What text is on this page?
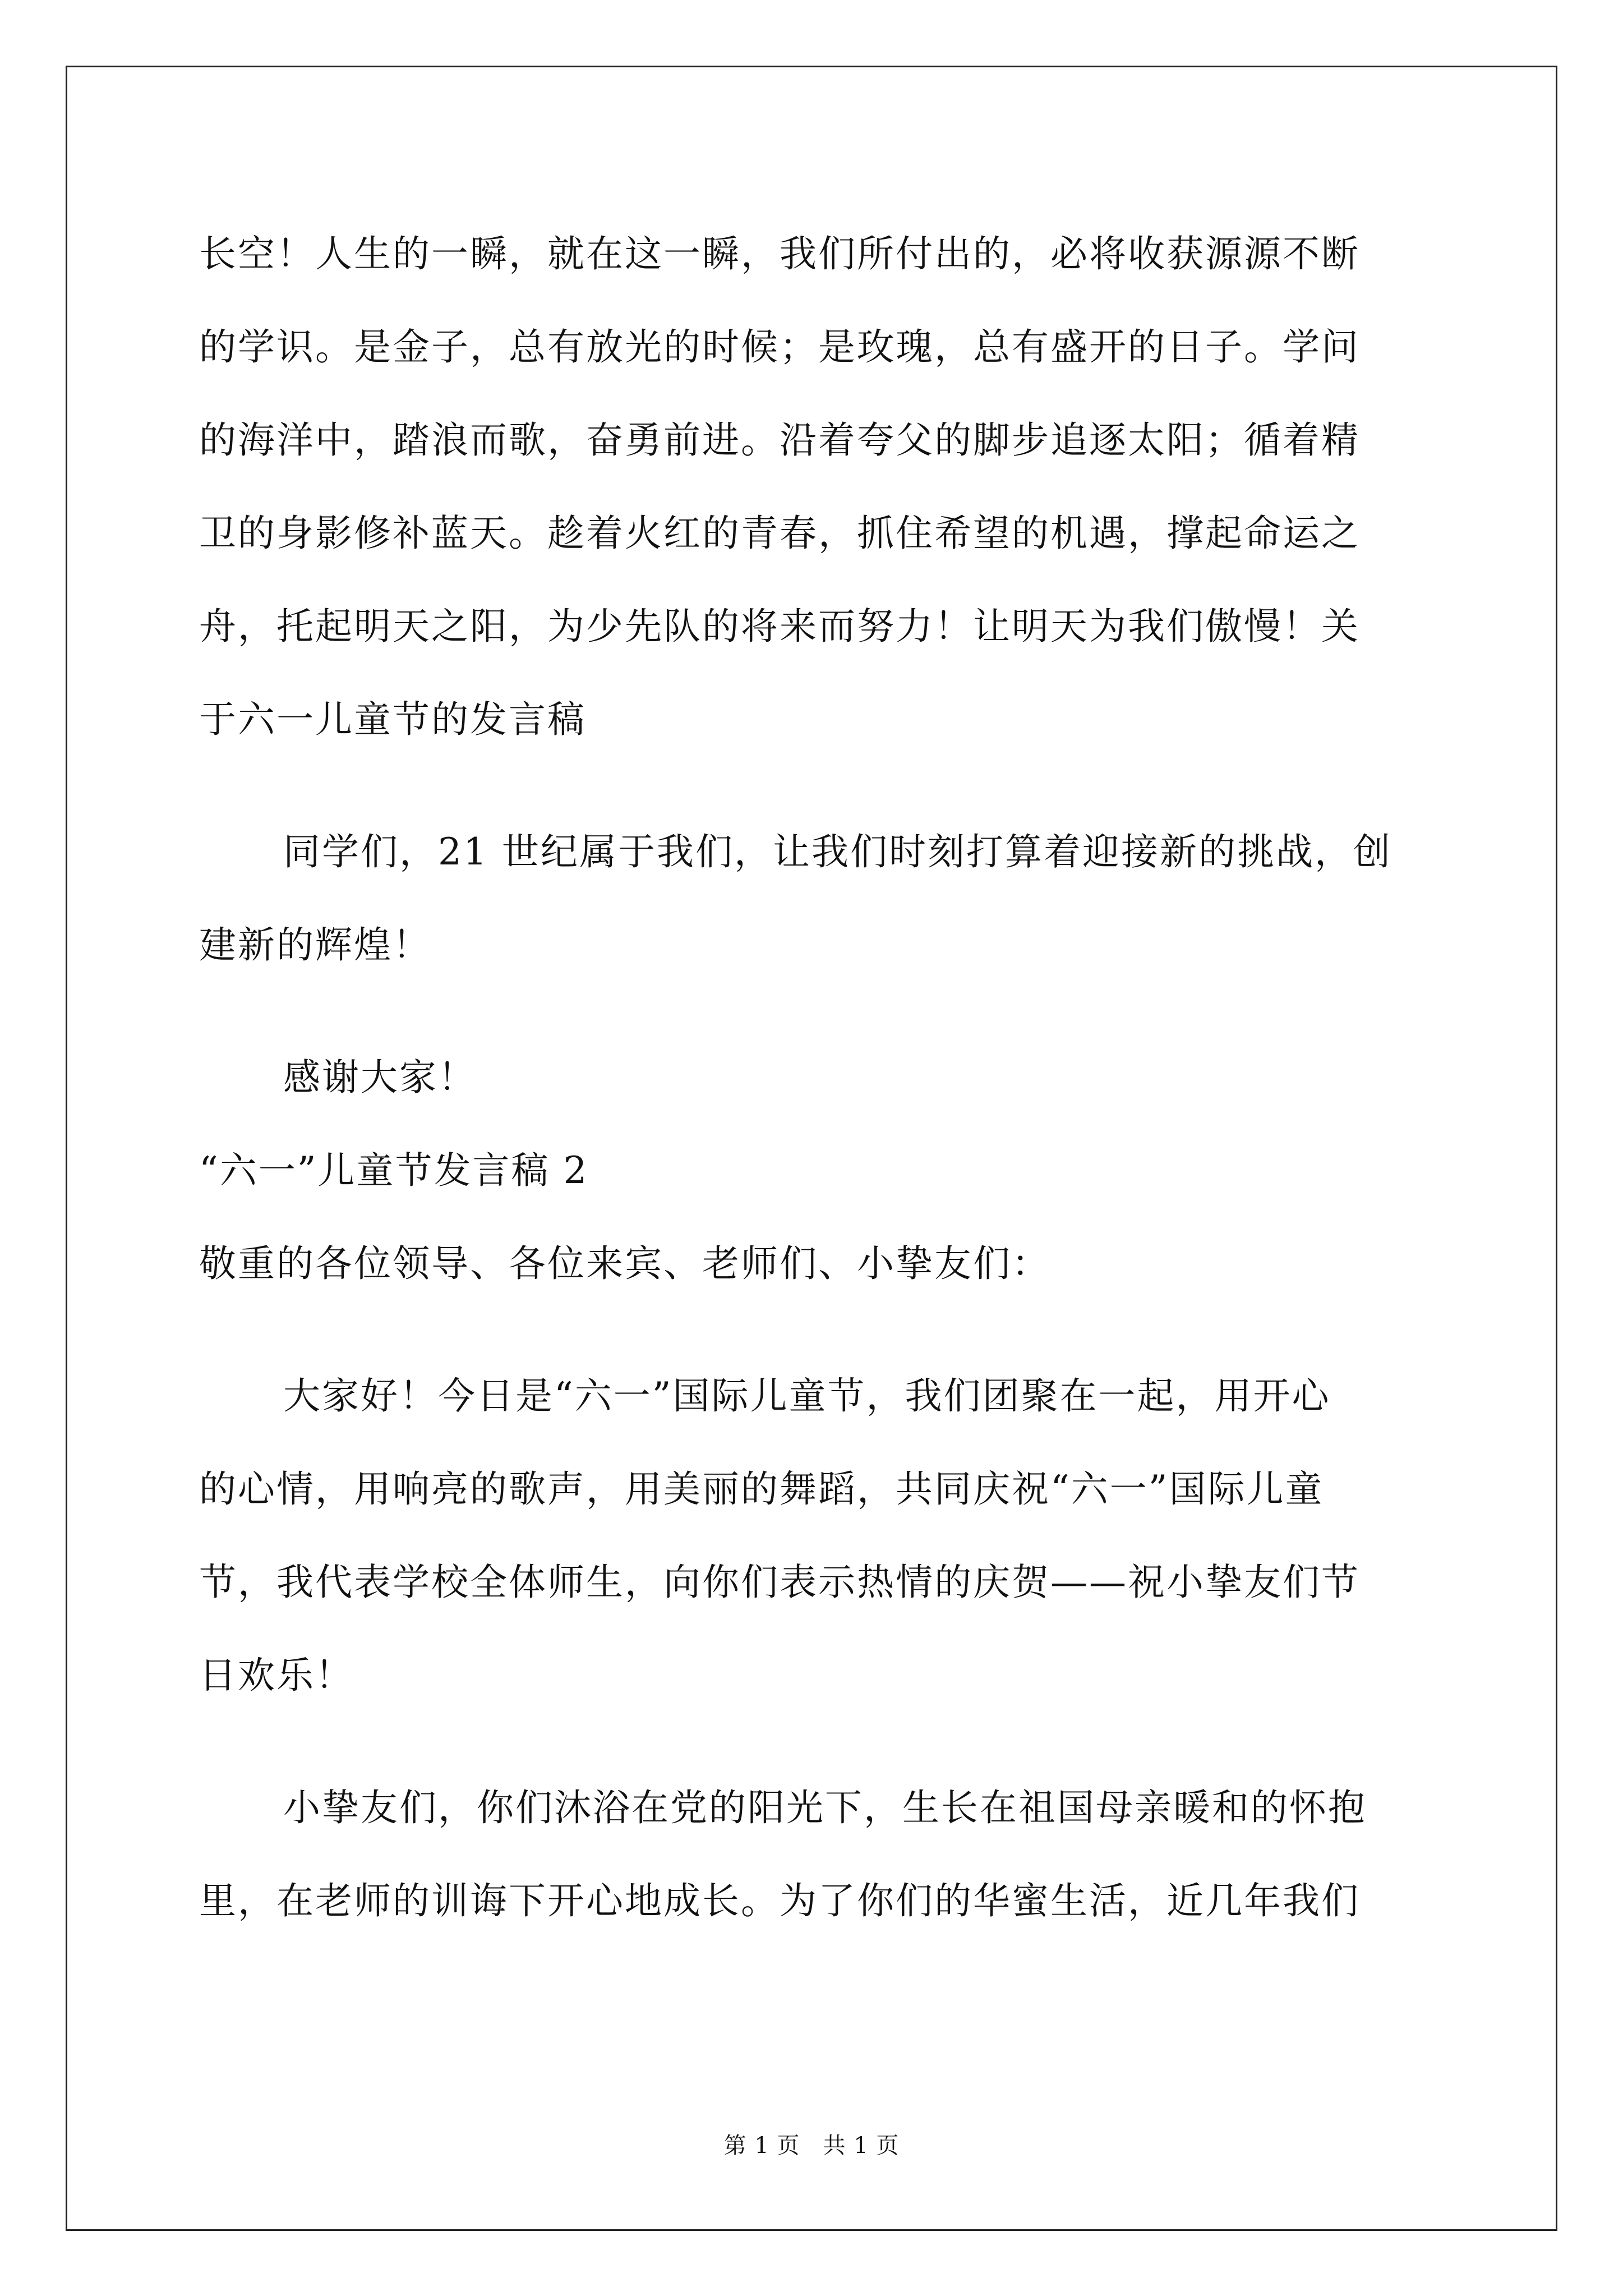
长空！人生的一瞬，就在这一瞬，我们所付出的，必将收获源源不断
的学识。是金子，总有放光的时候；是玫瑰，总有盛开的日子。学问
的海洋中，踏浪而歌，奋勇前进。沿着夸父的脚步追逐太阳；循着精
卫的身影修补蓝天。趁着火红的青春，抓住希望的机遇，撑起命运之
舟，托起明天之阳，为少先队的将来而努力！让明天为我们傲慢！关
于六一儿童节的发言稿
同学们，21 世纪属于我们，让我们时刻打算着迎接新的挑战，创
建新的辉煌！
感谢大家！
“六一”儿童节发言稿 2
敬重的各位领导、各位来宾、老师们、小挚友们：
大家好！今日是“六一”国际儿童节，我们团聚在一起，用开心
的心情，用响亮的歌声，用美丽的舞蹈，共同庆祝“六一”国际儿童
节，我代表学校全体师生，向你们表示热情的庆贺——祝小挚友们节
日欢乐！
小挚友们，你们沐浴在党的阳光下，生长在祖国母亲暖和的怀抱
里，在老师的训诲下开心地成长。为了你们的华蜜生活，近几年我们
第 1 页　共 1 页
